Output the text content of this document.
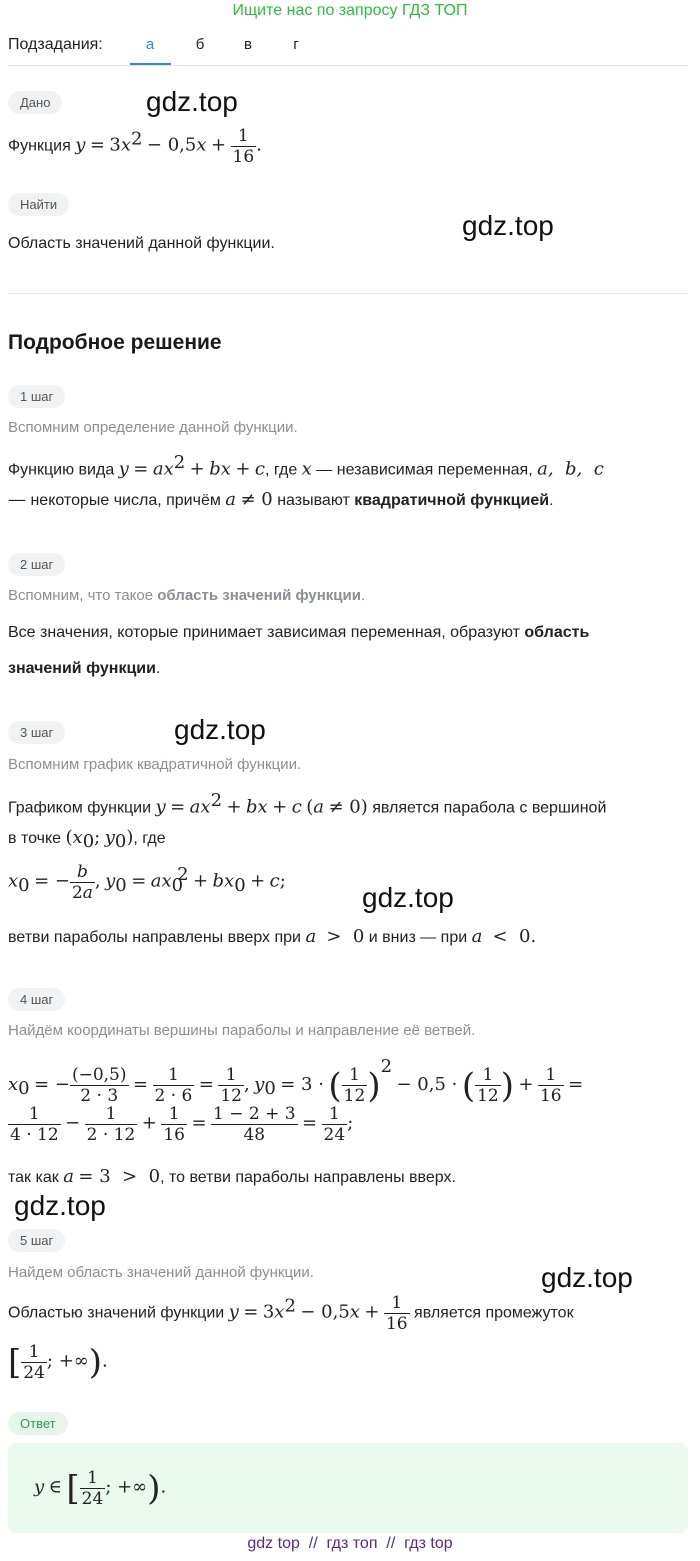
Ищите нас по запросу ГДЗ ТОП
Подзадания:	а	б	в	г
Дано	gdz.top
Функция $y = 3x^2 - 0,5x + \frac{1}{16}$ .
Найти
gdz.top
Область значений данной функции.
Подробное решение
1 шаг
Вспомним определение данной функции.
Функцию вида $y = ax^2$ + bx + c, где x — независимая переменная, a,  b,  c
— некоторые числа, причём a ≠ 0 называют квадратичной функцией.
2 шаг
Вспомним, что такое область значений функции.
Все значения, которые принимает зависимая переменная, образуют область
значений функции.
3 шаг	gdz.top
Вспомним график квадратичной функции.
Графиком функции $y = ax^2$ + bx + c (a ≠ 0) является парабола с вершиной
в точке ($x_0$; $y_0$), где
$x_0$ = − $\frac{b}{2a}$ , $y_0 = ax_0^2 + bx_0 + c$;
gdz.top
ветви параболы направлены вверх при a  >  0 и вниз — при a  <  0.
4 шаг
Найдём координаты вершины параболы и направление её ветвей.
$x_0$ = − $\frac{(-0,5)}{2 \cdot 3} = \frac{1}{2 \cdot 6} = \frac{1}{12}$ , $y_0 = 3$ · ( $\frac{1}{12} )^2 - 0,5$ · ( $\frac{1}{12}$ ) + $\frac{1}{16}$ =
$\frac{1}{4 \cdot 12} - \frac{1}{2 \cdot 12} + \frac{1}{16} = \frac{1 - 2 + 3}{48} = \frac{1}{24}$ ;
так как a = 3  >  0, то ветви параболы направлены вверх.
gdz.top
5 шаг
Найдем область значений данной функции.	gdz.top
Областью значений функции $y = 3x^2 - 0,5x + \frac{1}{16}$ является промежуток
[ $\frac{1}{24}$ ; +∞).
Ответ
y ∈ [ $\frac{1}{24}$ ; +∞).
gdz top  //  гдз топ  //  гдз top
